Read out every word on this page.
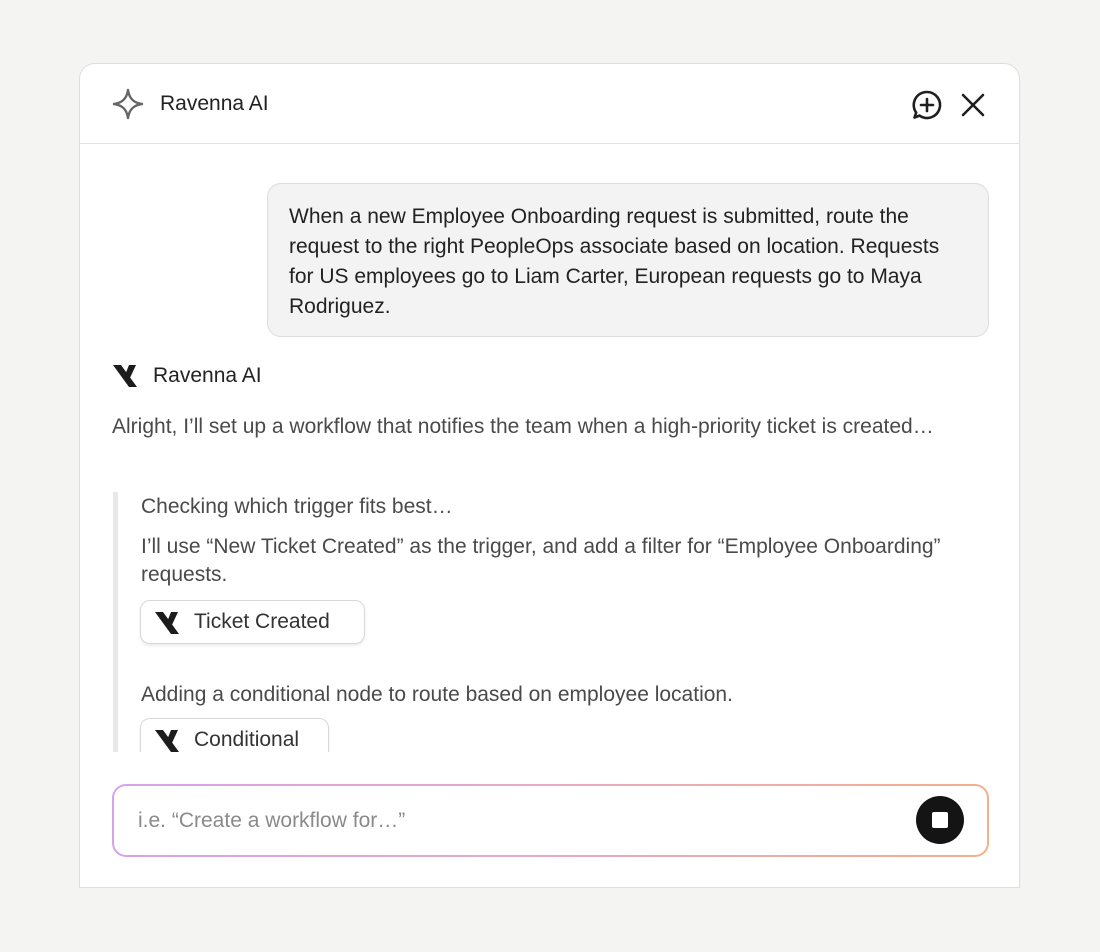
Ravenna AI
When a new Employee Onboarding request is submitted, route the request to the right PeopleOps associate based on location. Requests for US employees go to Liam Carter, European requests go to Maya Rodriguez.
Ravenna AI
Alright, I’ll set up a workflow that notifies the team when a high-priority ticket is created…
Checking which trigger fits best…
I’ll use “New Ticket Created” as the trigger, and add a filter for “Employee Onboarding” requests.
Ticket Created
Adding a conditional node to route based on employee location.
Conditional
i.e. “Create a workflow for…”
